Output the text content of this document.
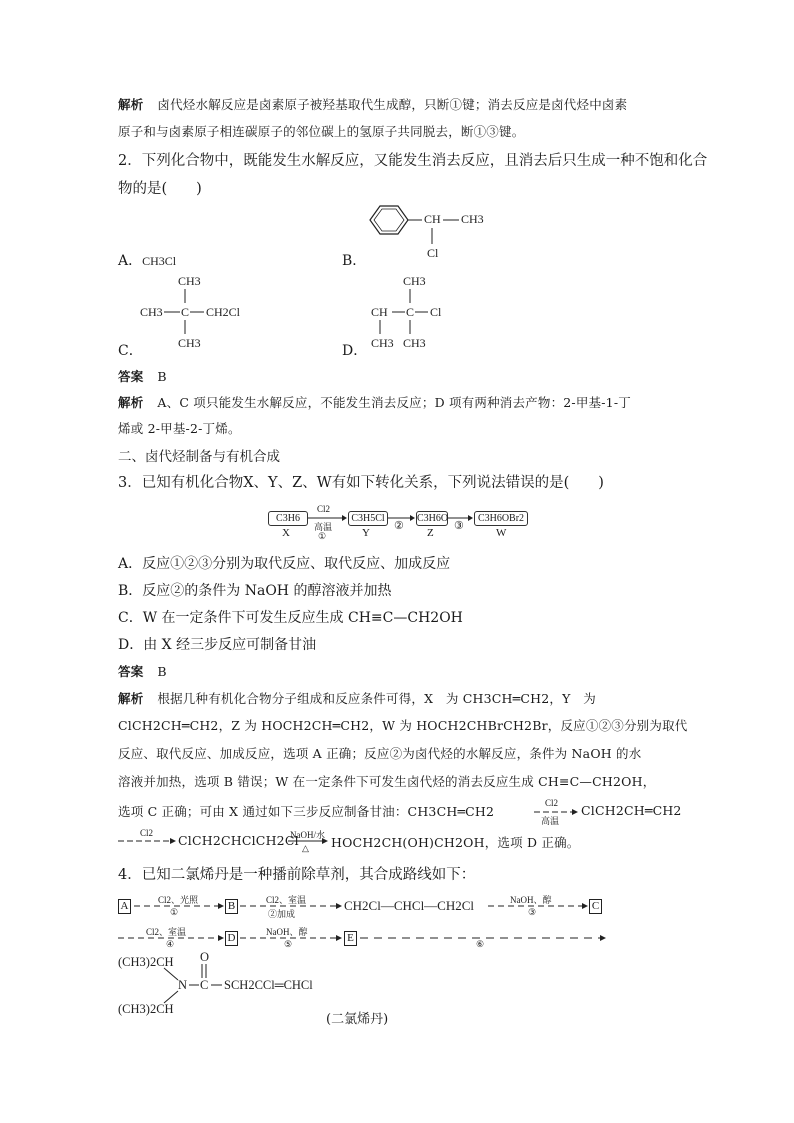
解析 卤代烃水解反应是卤素原子被羟基取代生成醇，只断①键；消去反应是卤代烃中卤素
原子和与卤素原子相连碳原子的邻位碳上的氢原子共同脱去，断①③键。
2．下列化合物中，既能发生水解反应，又能发生消去反应，且消去后只生成一种不饱和化合
物的是(　　)
A．CH3Cl	B．
CH CH3
Cl
CH3
CH3 C CH2Cl
CH3
C．
CH3
CH C Cl
CH3 CH3
D．
答案 B
解析 A、C 项只能发生水解反应，不能发生消去反应；D 项有两种消去产物：2-甲基-1-丁
烯或 2-甲基-2-丁烯。
二、卤代烃制备与有机合成
3．已知有机化合物X、Y、Z、W有如下转化关系，下列说法错误的是(　　)
C3H6	C3H5Cl	C3H6O	C3H6OBr2
X	Y	Z	W
Cl2
高温
①
②	③
A．反应①②③分别为取代反应、取代反应、加成反应
B．反应②的条件为 NaOH 的醇溶液并加热
C．W 在一定条件下可发生反应生成 CH≡C—CH2OH
D．由 X 经三步反应可制备甘油
答案 B
解析 根据几种有机化合物分子组成和反应条件可得，X　为 CH3CH═CH2，Y　为
ClCH2CH═CH2，Z 为 HOCH2CH═CH2，W 为 HOCH2CHBrCH2Br，反应①②③分别为取代
反应、取代反应、加成反应，选项 A 正确；反应②为卤代烃的水解反应，条件为 NaOH 的水
溶液并加热，选项 B 错误；W 在一定条件下可发生卤代烃的消去反应生成 CH≡C—CH2OH，
选项 C 正确；可由 X 通过如下三步反应制备甘油：CH3CH═CH2
Cl2
高温
ClCH2CH═CH2
Cl2 ClCH2CHClCH2Cl
NaOH/水
△ HOCH2CH(OH)CH2OH，选项 D 正确。
4．已知二氯烯丹是一种播前除草剂，其合成路线如下：
A	Cl2、光照
①	B	Cl2、室温
②加成
CH2Cl—CHCl—CH2Cl	NaOH、醇
③	C
Cl2、室温
④	D	NaOH、醇
⑤	E	⑥
(CH3)2CH
(CH3)2CH
N C
O
SCH2CCl═CHCl
(二氯烯丹)
